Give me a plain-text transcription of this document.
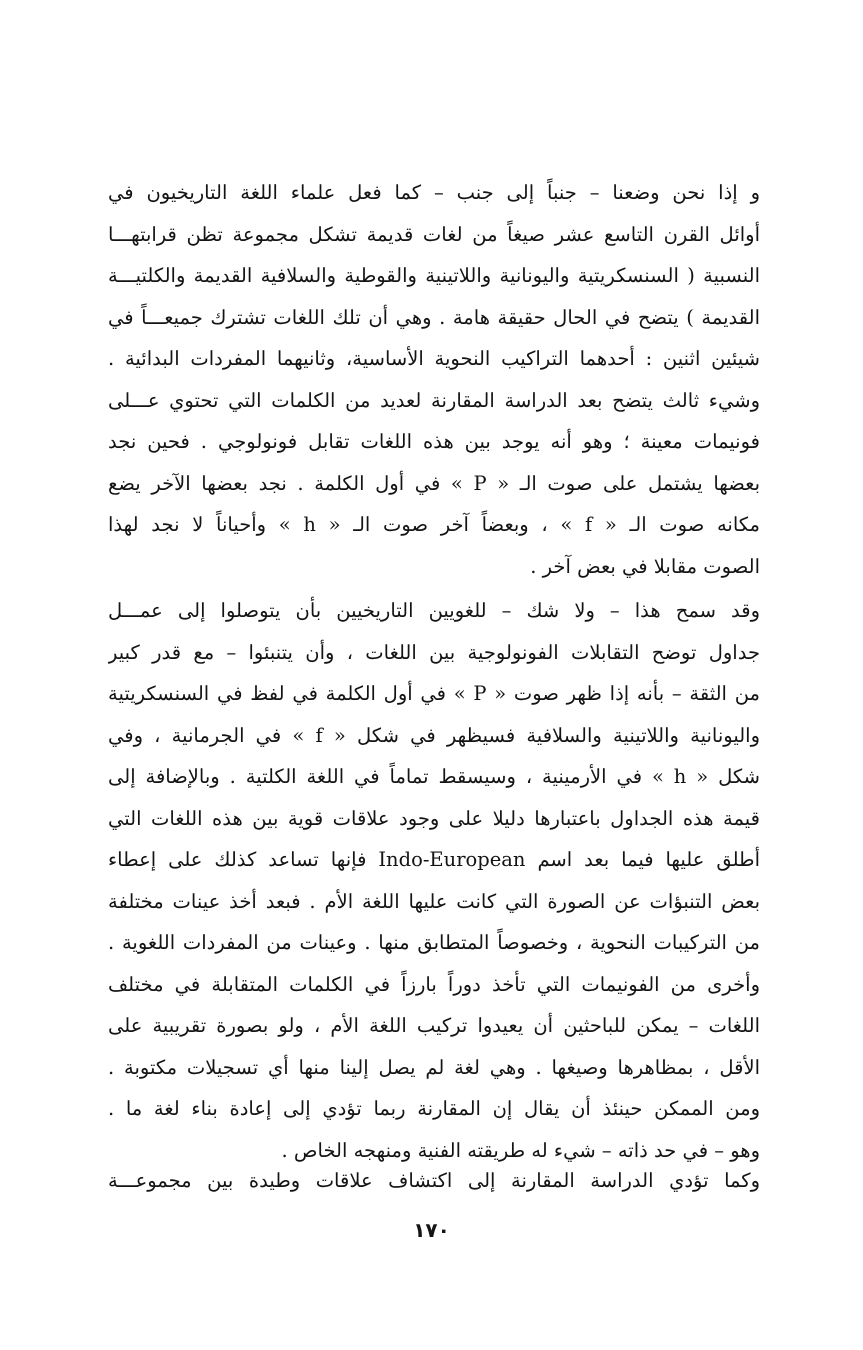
و إذا نحن وضعنا – جنباً إلى جنب – كما فعل علماء اللغة التاريخيون في
أوائل القرن التاسع عشر صيغاً من لغات قديمة تشكل مجموعة تظن قرابتهـــا
النسبية ( السنسكريتية واليونانية واللاتينية والقوطية والسلافية القديمة والكلتيـــة
القديمة ) يتضح في الحال حقيقة هامة . وهي أن تلك اللغات تشترك جميعـــاً في
شيئين اثنين : أحدهما التراكيب النحوية الأساسية، وثانيهما المفردات البدائية .
وشيء ثالث يتضح بعد الدراسة المقارنة لعديد من الكلمات التي تحتوي عـــلى
فونيمات معينة ؛ وهو أنه يوجد بين هذه اللغات تقابل فونولوجي . فحين نجد
بعضها يشتمل على صوت الـ « P » في أول الكلمة . نجد بعضها الآخر يضع
مكانه صوت الـ « f » ، وبعضاً آخر صوت الـ « h » وأحياناً لا نجد لهذا
الصوت مقابلا في بعض آخر .
وقد سمح هذا – ولا شك – للغويين التاريخيين بأن يتوصلوا إلى عمـــل
جداول توضح التقابلات الفونولوجية بين اللغات ، وأن يتنبئوا – مع قدر كبير
من الثقة – بأنه إذا ظهر صوت « P » في أول الكلمة في لفظ في السنسكريتية
واليونانية واللاتينية والسلافية فسيظهر في شكل « f » في الجرمانية ، وفي
شكل « h » في الأرمينية ، وسيسقط تماماً في اللغة الكلتية . وبالإضافة إلى
قيمة هذه الجداول باعتبارها دليلا على وجود علاقات قوية بين هذه اللغات التي
أطلق عليها فيما بعد اسم Indo-European فإنها تساعد كذلك على إعطاء
بعض التنبؤات عن الصورة التي كانت عليها اللغة الأم . فبعد أخذ عينات مختلفة
من التركيبات النحوية ، وخصوصاً المتطابق منها . وعينات من المفردات اللغوية .
وأخرى من الفونيمات التي تأخذ دوراً بارزاً في الكلمات المتقابلة في مختلف
اللغات – يمكن للباحثين أن يعيدوا تركيب اللغة الأم ، ولو بصورة تقريبية على
الأقل ، بمظاهرها وصيغها . وهي لغة لم يصل إلينا منها أي تسجيلات مكتوبة .
ومن الممكن حينئذ أن يقال إن المقارنة ربما تؤدي إلى إعادة بناء لغة ما .
وهو – في حد ذاته – شيء له طريقته الفنية ومنهجه الخاص .
وكما تؤدي الدراسة المقارنة إلى اكتشاف علاقات وطيدة بين مجموعـــة
١٧٠
